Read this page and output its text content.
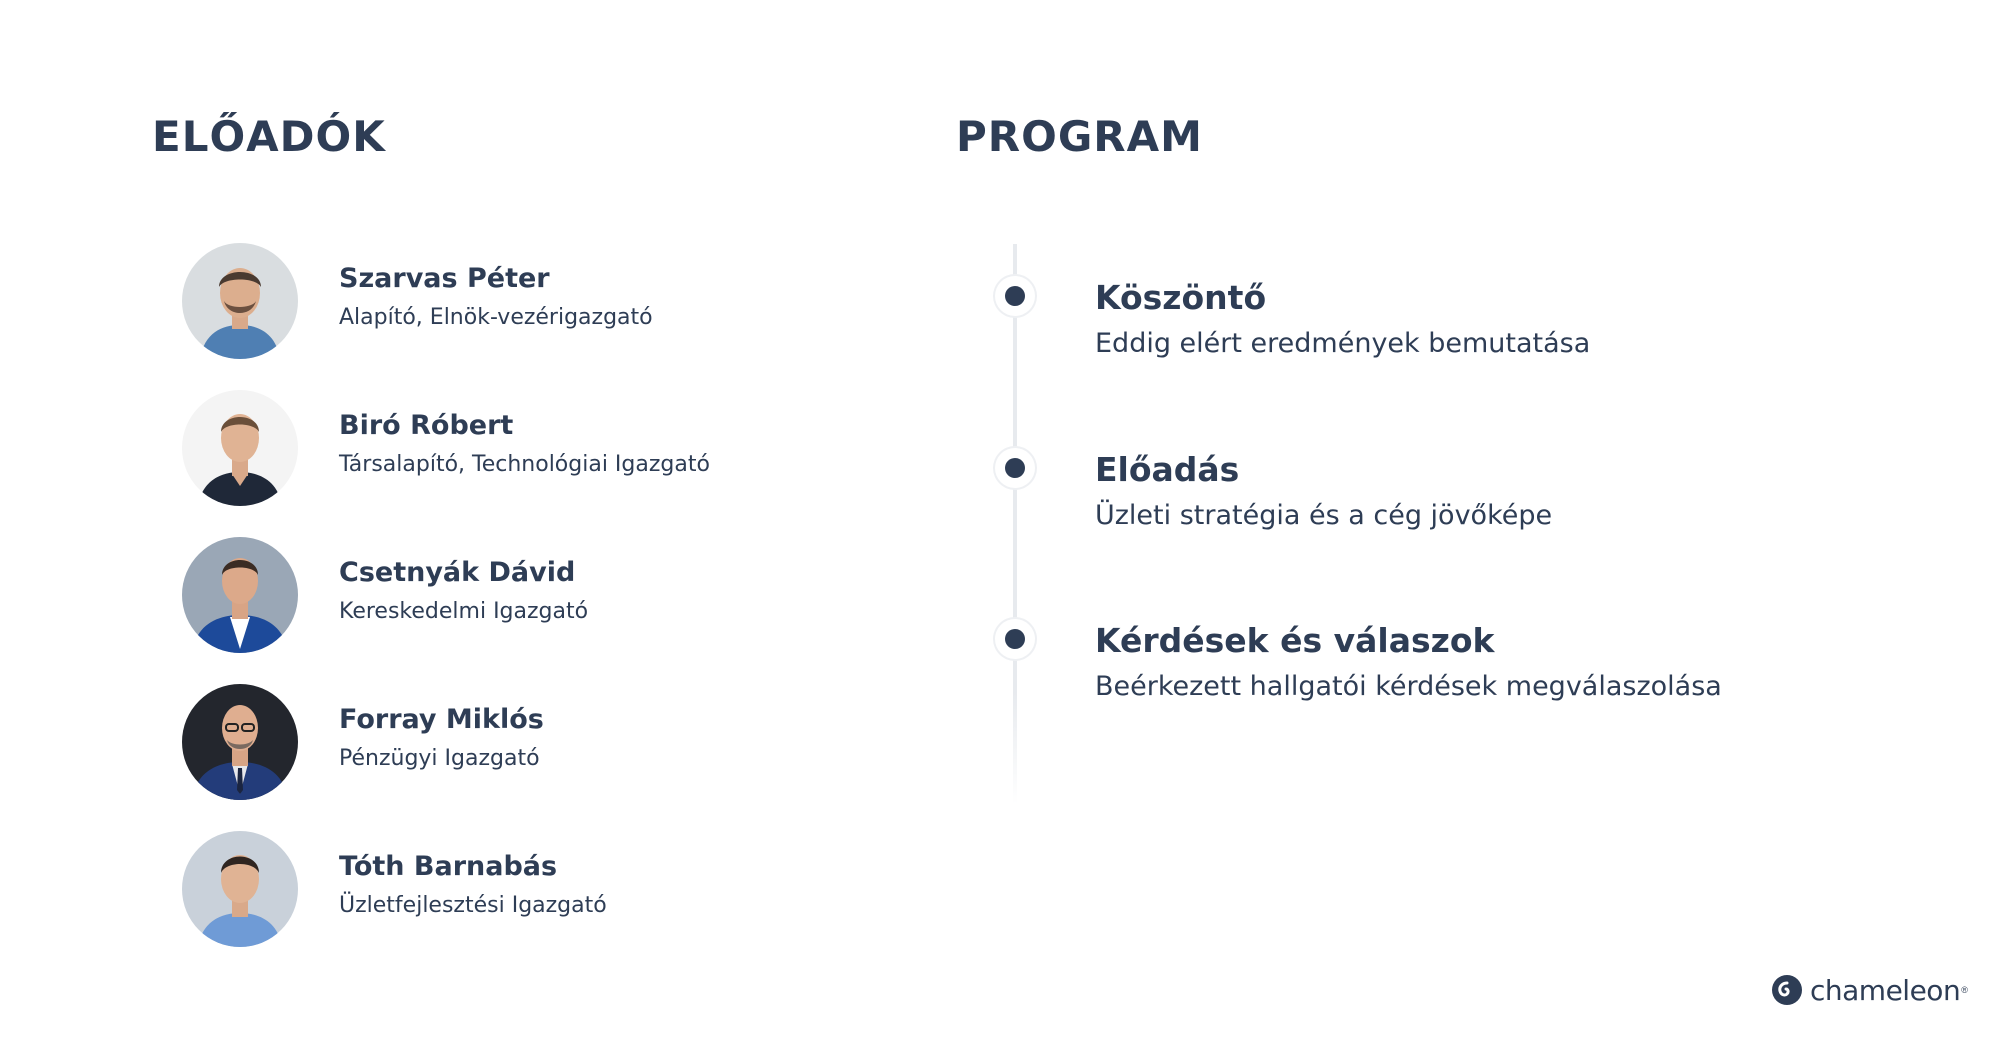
ELŐADÓK	PROGRAM
Szarvas Péter
Alapító, Elnök-vezérigazgató
Biró Róbert
Társalapító, Technológiai Igazgató
Csetnyák Dávid
Kereskedelmi Igazgató
Forray Miklós
Pénzügyi Igazgató
Tóth Barnabás
Üzletfejlesztési Igazgató
Köszöntő
Eddig elért eredmények bemutatása
Előadás
Üzleti stratégia és a cég jövőképe
Kérdések és válaszok
Beérkezett hallgatói kérdések megválaszolása
chameleon ®
